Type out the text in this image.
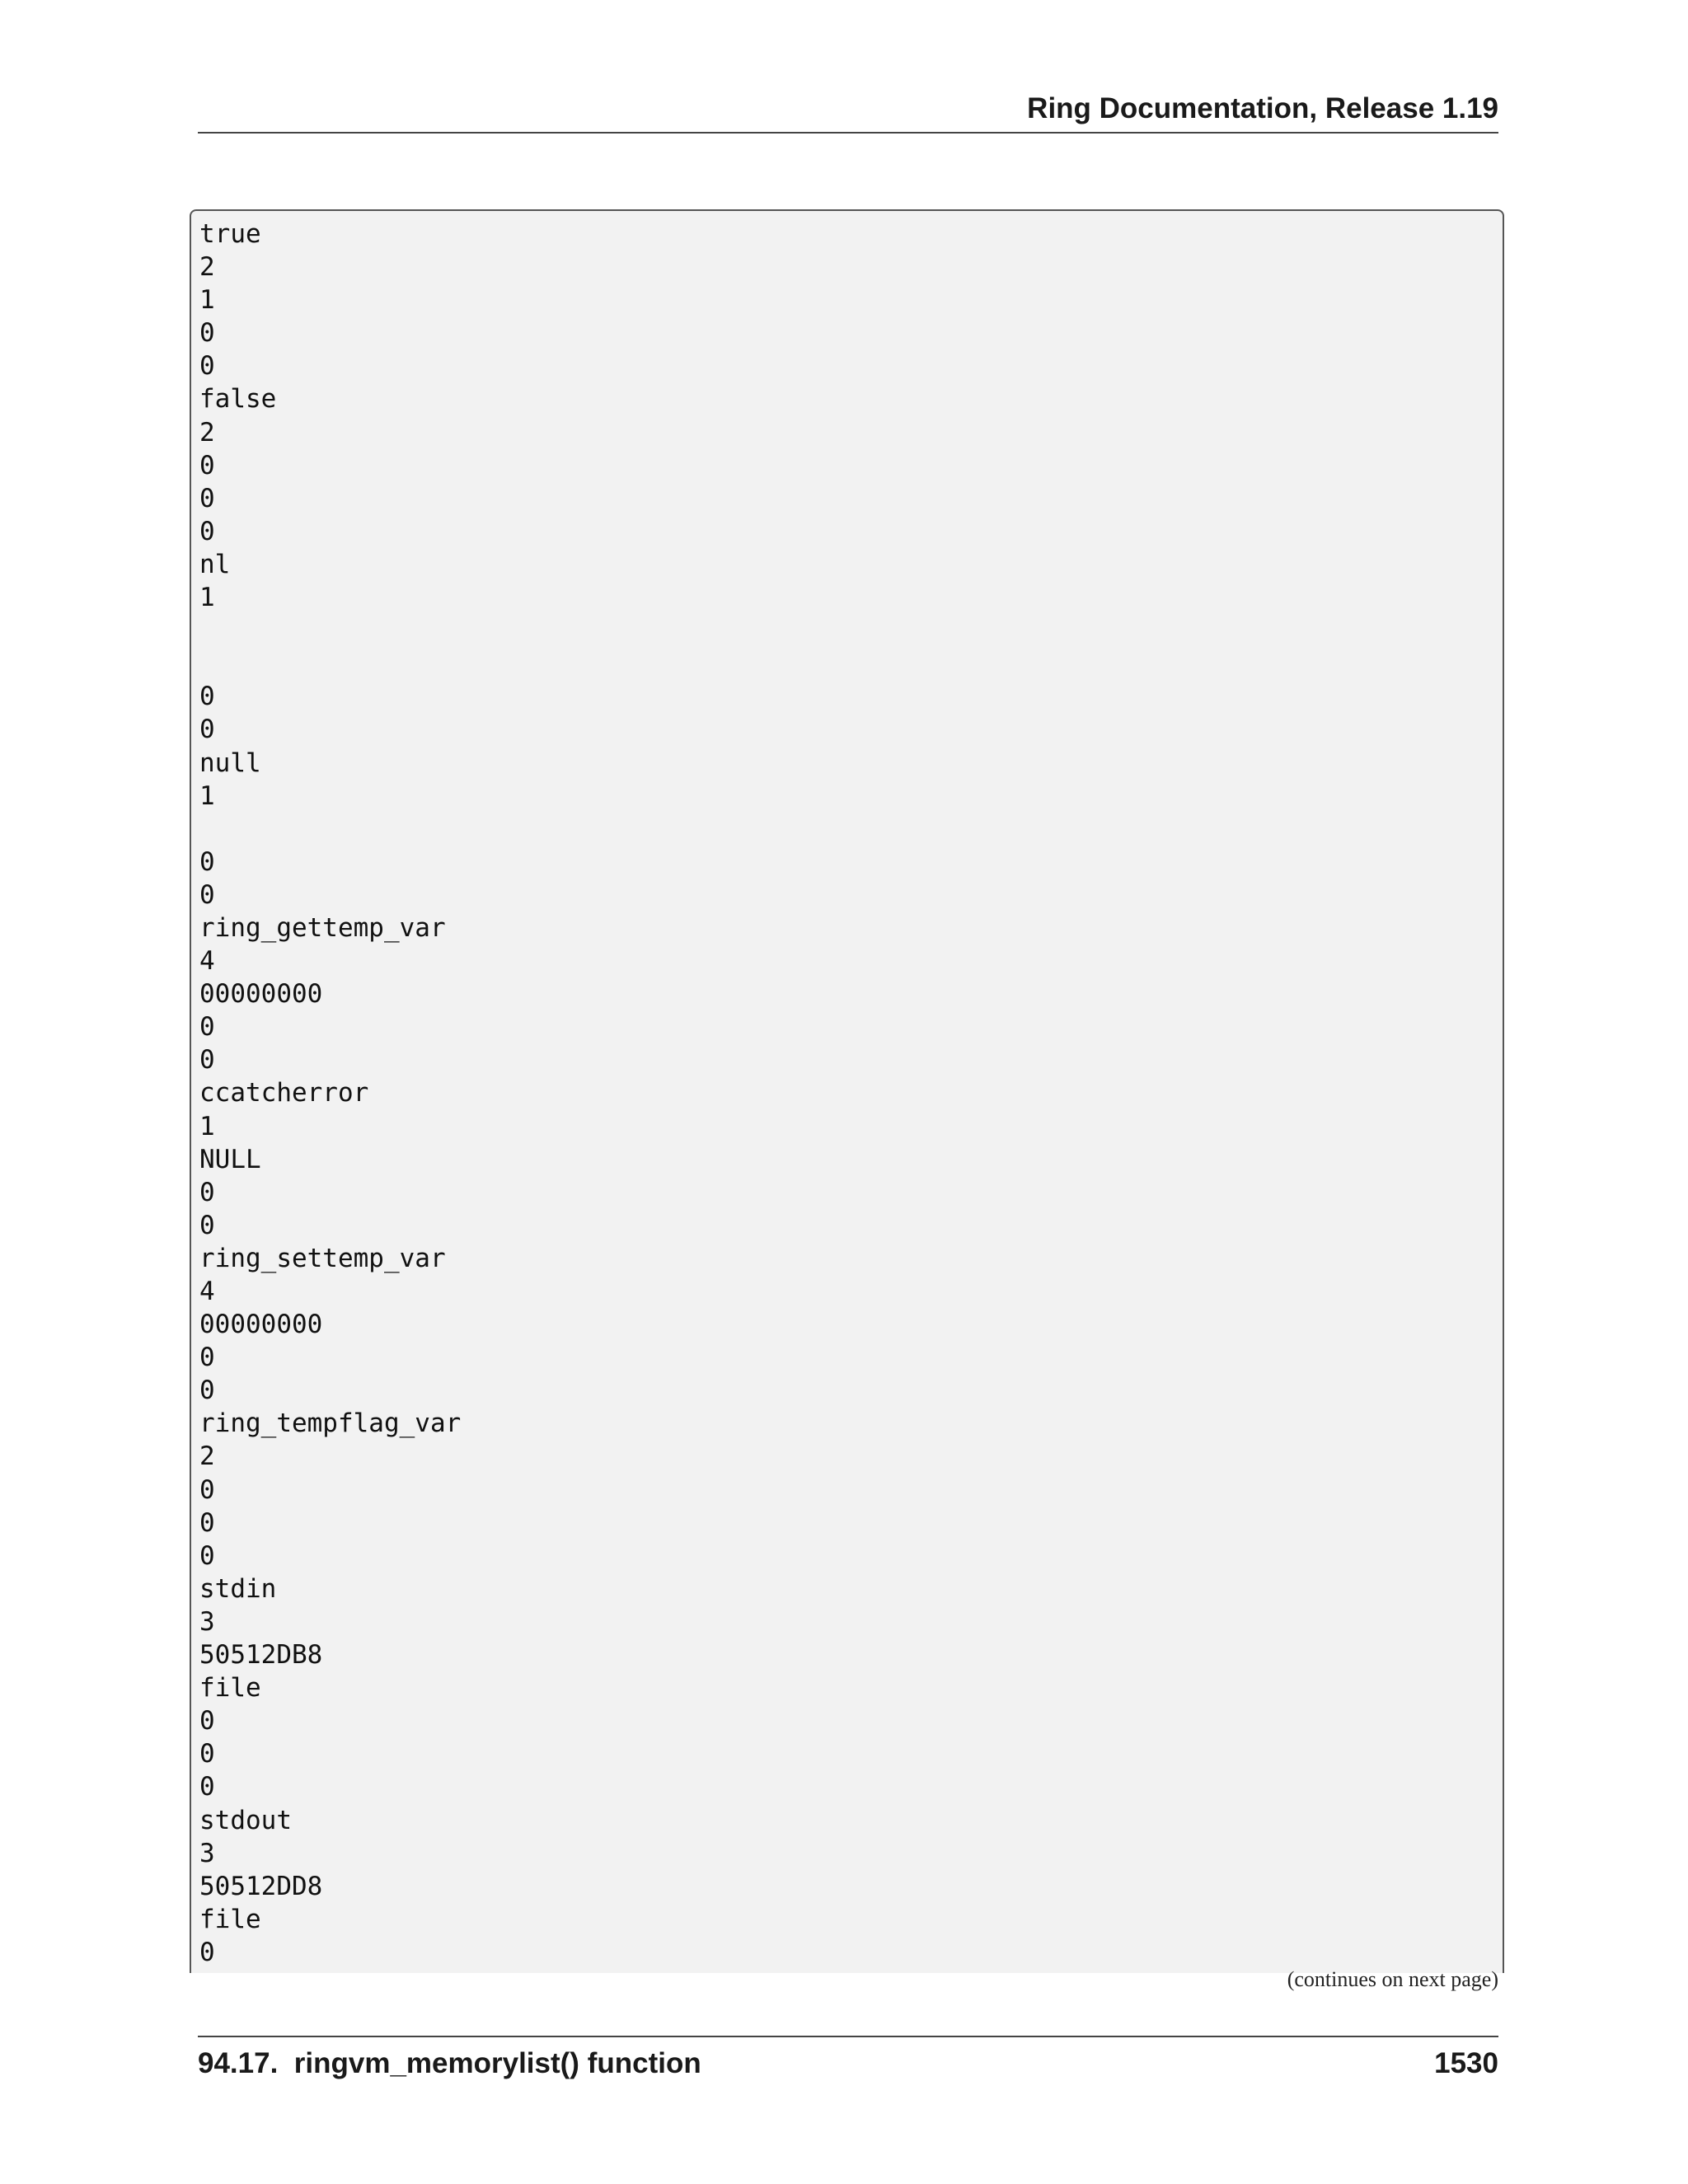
Ring Documentation, Release 1.19
true
2
1
0
0
false
2
0
0
0
nl
1
0
0
null
1
0
0
ring_gettemp_var
4
00000000
0
0
ccatcherror
1
NULL
0
0
ring_settemp_var
4
00000000
0
0
ring_tempflag_var
2
0
0
0
stdin
3
50512DB8
file
0
0
0
stdout
3
50512DD8
file
0
(continues on next page)
94.17.  ringvm_memorylist() function	1530
